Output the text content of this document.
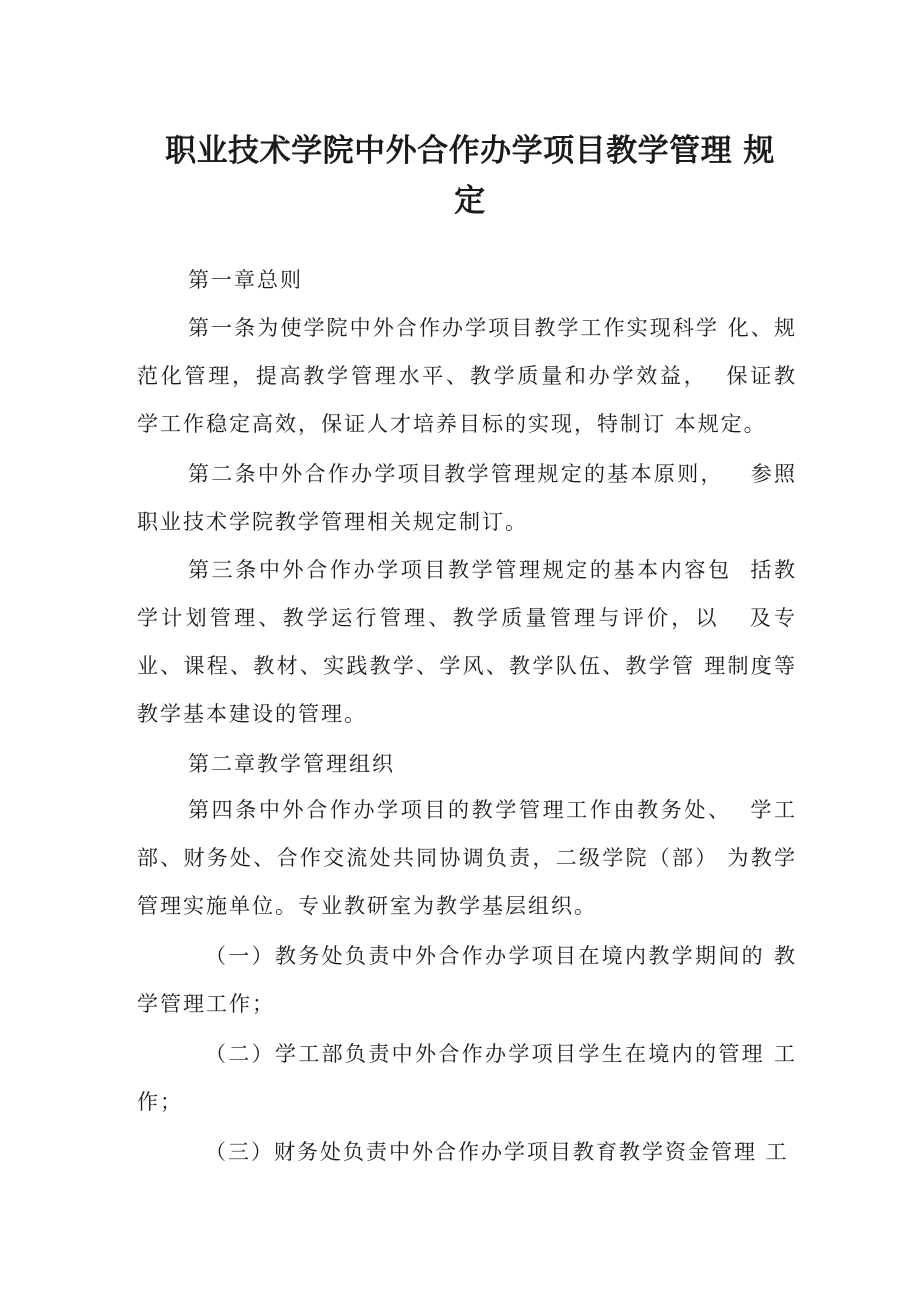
职业技术学院中外合作办学项目教学管理 规
定
第一章总则
第一条为使学院中外合作办学项目教学工作实现科学 化、规范化管理，提高教学管理水平、教学质量和办学效益，  保证教学工作稳定高效，保证人才培养目标的实现，特制订 本规定。
第二条中外合作办学项目教学管理规定的基本原则，   参照职业技术学院教学管理相关规定制订。
第三条中外合作办学项目教学管理规定的基本内容包  括教学计划管理、教学运行管理、教学质量管理与评价，以   及专业、课程、教材、实践教学、学风、教学队伍、教学管 理制度等教学基本建设的管理。
第二章教学管理组织
第四条中外合作办学项目的教学管理工作由教务处、  学工部、财务处、合作交流处共同协调负责，二级学院（部） 为教学管理实施单位。专业教研室为教学基层组织。
（一）教务处负责中外合作办学项目在境内教学期间的 教学管理工作；
（二）学工部负责中外合作办学项目学生在境内的管理 工作；
（三）财务处负责中外合作办学项目教育教学资金管理 工
